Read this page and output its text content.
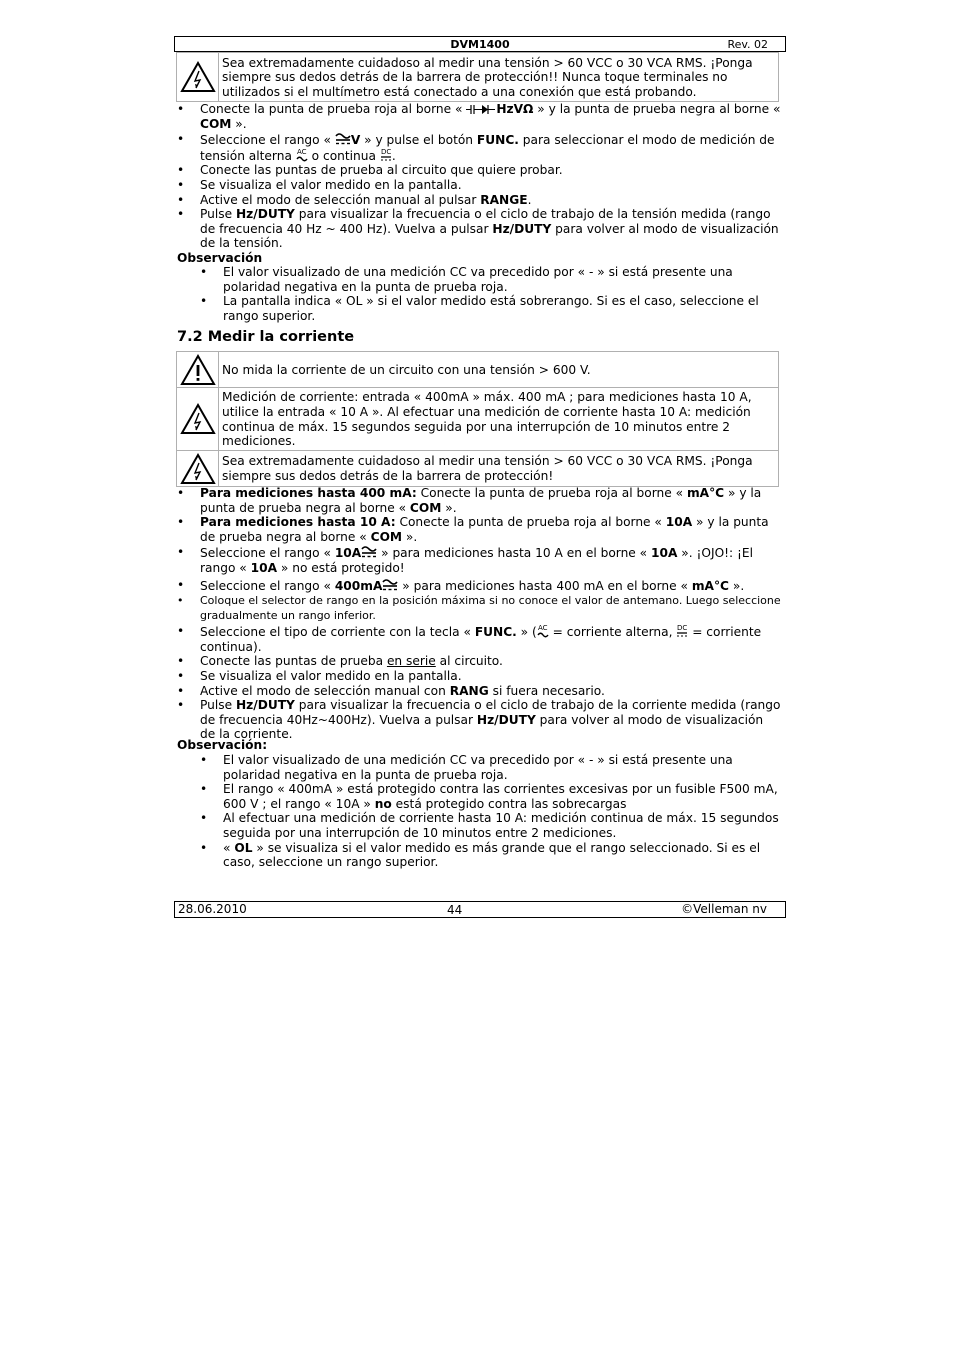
DVM1400	Rev. 02
	Sea extremadamente cuidadoso al medir una tensión > 60 VCC o 30 VCA RMS. ¡Ponga siempre sus dedos detrás de la barrera de protección!! Nunca toque terminales no utilizados si el multímetro está conectado a una conexión que está probando.
• Conecte la punta de prueba roja al borne « HzVΩ » y la punta de prueba negra al borne « COM ».
• Seleccione el rango « V » y pulse el botón FUNC. para seleccionar el modo de medición de tensión alterna AC o continua DC .
• Conecte las puntas de prueba al circuito que quiere probar.
• Se visualiza el valor medido en la pantalla.
• Active el modo de selección manual al pulsar RANGE.
• Pulse Hz/DUTY para visualizar la frecuencia o el ciclo de trabajo de la tensión medida (rango de frecuencia 40 Hz ~ 400 Hz). Vuelva a pulsar Hz/DUTY para volver al modo de visualización de la tensión.
Observación
• El valor visualizado de una medición CC va precedido por « - » si está presente una polaridad negativa en la punta de prueba roja.
• La pantalla indica « OL » si el valor medido está sobrerango. Si es el caso, seleccione el rango superior.
7.2 Medir la corriente
	No mida la corriente de un circuito con una tensión > 600 V.

	Medición de corriente: entrada « 400mA » máx. 400 mA ; para mediciones hasta 10 A, utilice la entrada « 10 A ». Al efectuar una medición de corriente hasta 10 A: medición continua de máx. 15 segundos seguida por una interrupción de 10 minutos entre 2 mediciones.

	Sea extremadamente cuidadoso al medir una tensión > 60 VCC o 30 VCA RMS. ¡Ponga siempre sus dedos detrás de la barrera de protección!
• Para mediciones hasta 400 mA: Conecte la punta de prueba roja al borne « mA°C » y la punta de prueba negra al borne « COM ».
• Para mediciones hasta 10 A: Conecte la punta de prueba roja al borne « 10A » y la punta de prueba negra al borne « COM ».
• Seleccione el rango « 10A » para mediciones hasta 10 A en el borne « 10A ». ¡OJO!: ¡El rango « 10A » no está protegido!
• Seleccione el rango « 400mA » para mediciones hasta 400 mA en el borne « mA°C ».
• Coloque el selector de rango en la posición máxima si no conoce el valor de antemano. Luego seleccione gradualmente un rango inferior.
• Seleccione el tipo de corriente con la tecla « FUNC. » ( AC = corriente alterna, DC = corriente continua).
• Conecte las puntas de prueba en serie al circuito.
• Se visualiza el valor medido en la pantalla.
• Active el modo de selección manual con RANG si fuera necesario.
• Pulse Hz/DUTY para visualizar la frecuencia o el ciclo de trabajo de la corriente medida (rango de frecuencia 40Hz~400Hz). Vuelva a pulsar Hz/DUTY para volver al modo de visualización de la corriente.
Observación:
• El valor visualizado de una medición CC va precedido por « - » si está presente una polaridad negativa en la punta de prueba roja.
• El rango « 400mA » está protegido contra las corrientes excesivas por un fusible F500 mA, 600 V ; el rango « 10A » no está protegido contra las sobrecargas
• Al efectuar una medición de corriente hasta 10 A: medición continua de máx. 15 segundos seguida por una interrupción de 10 minutos entre 2 mediciones.
• « OL » se visualiza si el valor medido es más grande que el rango seleccionado. Si es el caso, seleccione un rango superior.
28.06.2010	44	©Velleman nv
